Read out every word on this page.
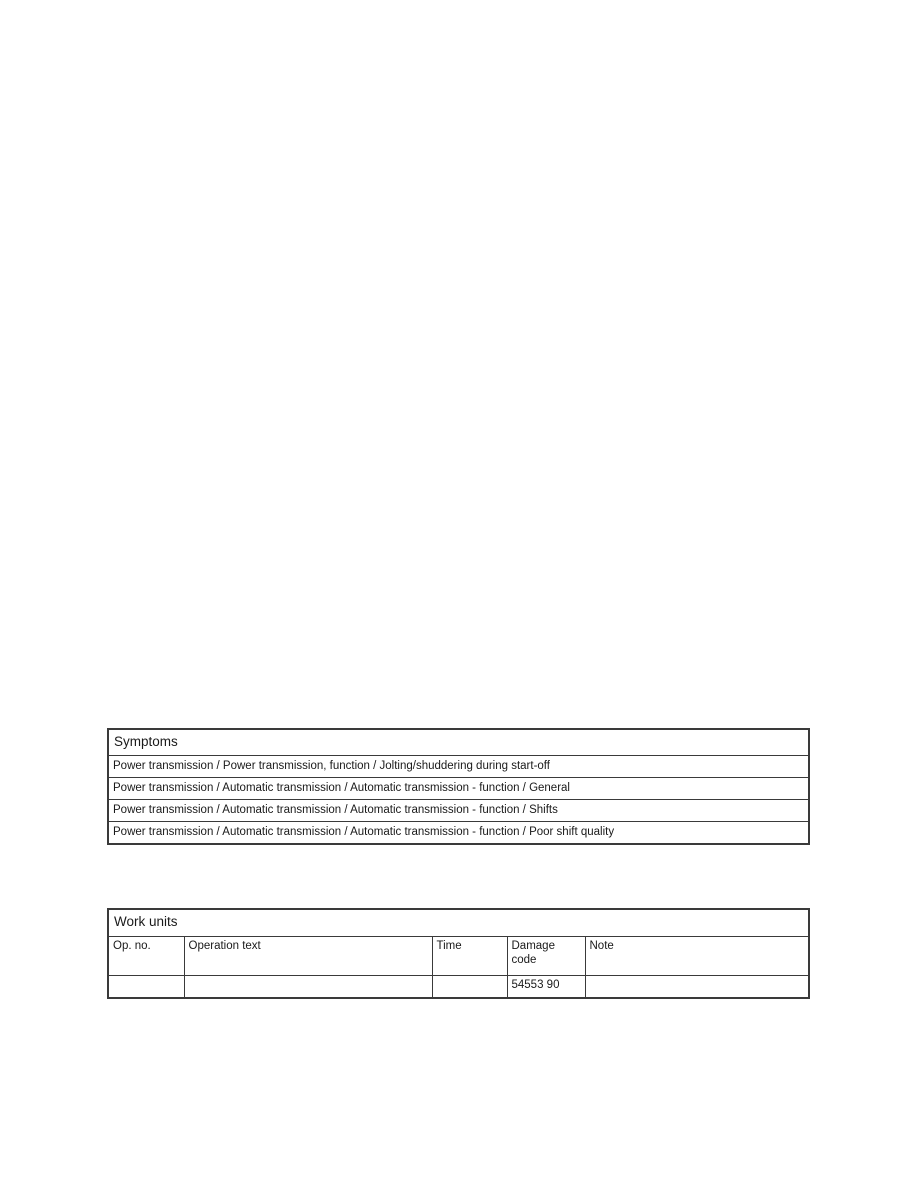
Symptoms
Power transmission / Power transmission, function / Jolting/shuddering during start-off
Power transmission / Automatic transmission / Automatic transmission - function / General
Power transmission / Automatic transmission / Automatic transmission - function / Shifts
Power transmission / Automatic transmission / Automatic transmission - function / Poor shift quality
Work units				
Op. no.	Operation text	Time	Damage code	Note
			54553 90	
